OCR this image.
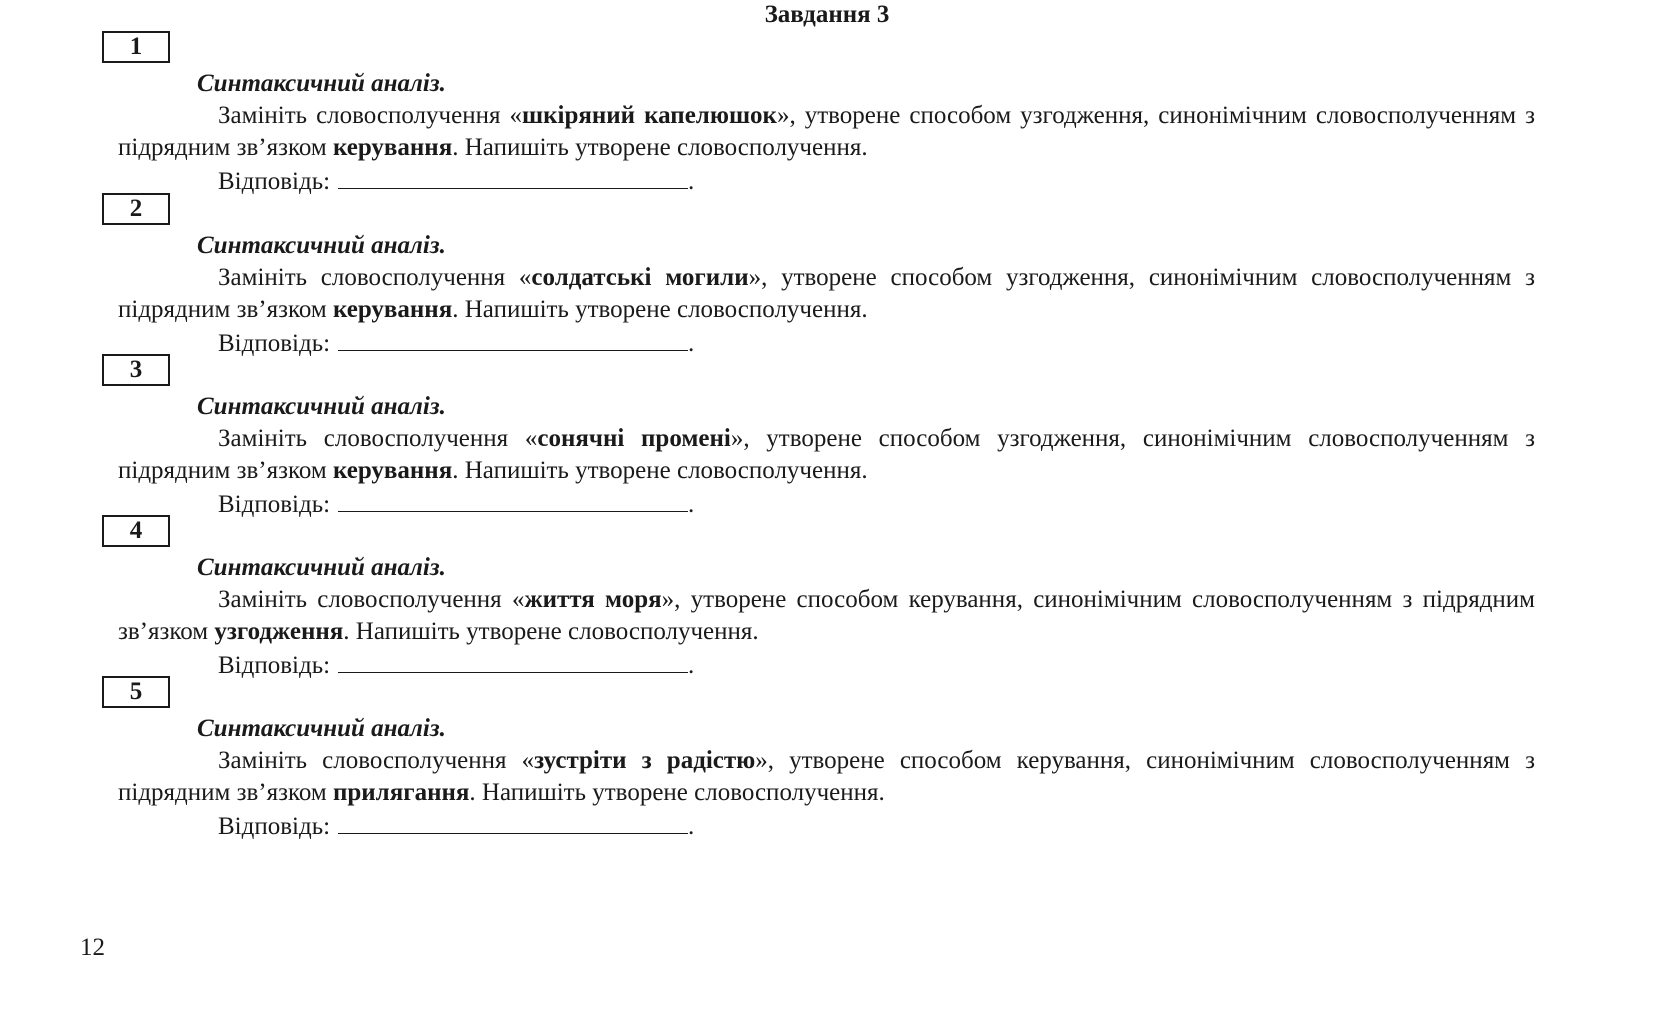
Завдання 3
1
Синтаксичний аналіз.

Замініть словосполучення «шкіряний капелюшок», утворене способом узгодження, синонімічним словосполученням з підрядним зв’язком керування. Напишіть утворене словосполучення.

Відповідь:	.
2
Синтаксичний аналіз.

Замініть словосполучення «солдатські могили», утворене способом узгодження, синонімічним словосполученням з підрядним зв’язком керування. Напишіть утворене словосполучення.

Відповідь:	.
3
Синтаксичний аналіз.

Замініть словосполучення «сонячні промені», утворене способом узгодження, синонімічним словосполученням з підрядним зв’язком керування. Напишіть утворене словосполучення.

Відповідь:	.
4
Синтаксичний аналіз.

Замініть словосполучення «життя моря», утворене способом керування, синонімічним словосполученням з підрядним зв’язком узгодження. Напишіть утворене словосполучення.

Відповідь:	.
5
Синтаксичний аналіз.

Замініть словосполучення «зустріти з радістю», утворене способом керування, синонімічним словосполученням з підрядним зв’язком прилягання. Напишіть утворене словосполучення.

Відповідь:	.
12
